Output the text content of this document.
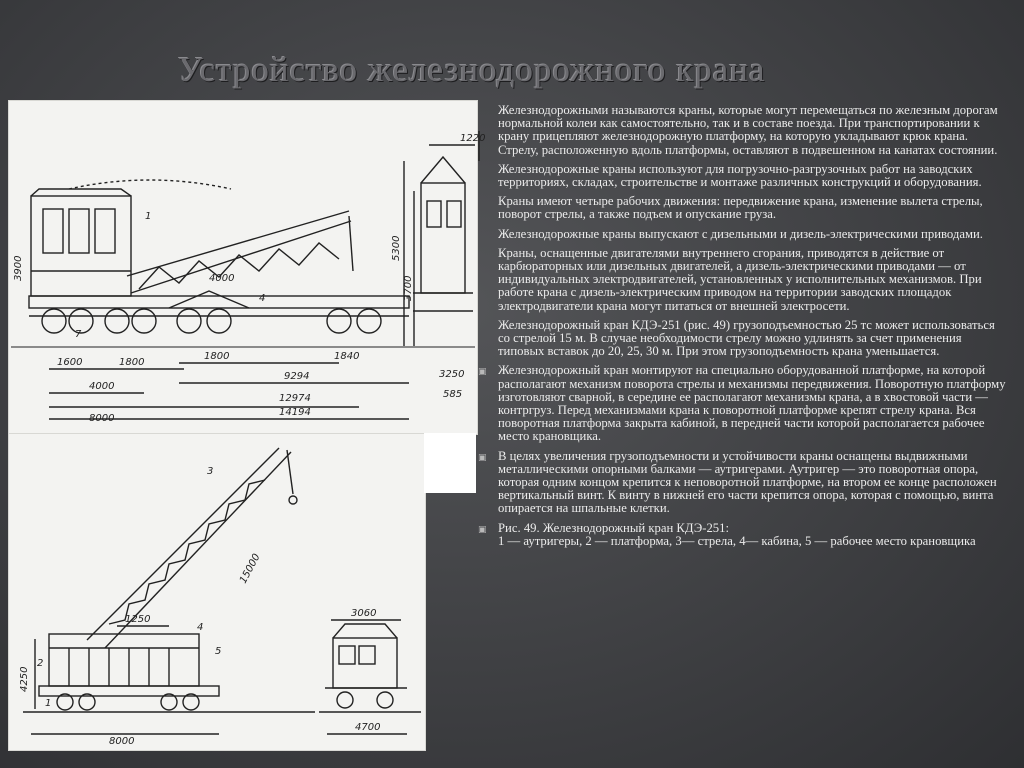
Устройство железнодорожного крана
1220
4000
1600	1800
1800
4000
8000
9294
12974
14194
1840
3250
585
5300
3700
3900
1
4
7
1250
15000
3060
4250
4700
8000
1
2
3
4
5

Железнодорожными называются краны, которые могут перемещаться по железным дорогам нормальной колеи как самостоятельно, так и в составе поезда. При транспортировании к крану прицепляют железнодорожную платформу, на которую укладывают крюк крана. Стрелу, расположенную вдоль платформы, оставляют в подвешенном на канатах состоянии.

Железнодорожные краны используют для погрузочно-разгрузочных работ на заводских территориях, складах, строительстве и монтаже различных конструкций и оборудования.

Краны имеют четыре рабочих движения: передвижение крана, изменение вылета стрелы, поворот стрелы, а также подъем и опускание груза.

Железнодорожные краны выпускают с дизельными и дизель-электрическими приводами.

Краны, оснащенные двигателями внутреннего сгорания, приводятся в действие от карбюраторных или дизельных двигателей, а дизель-электрическими приводами — от индивидуальных электродвигателей, установленных у исполнительных механизмов. При работе крана с дизель-электрическим приводом на территории заводских площадок электродвигатели крана могут питаться от внешней электросети.

Железнодорожный кран КДЭ-251 (рис. 49) грузоподъемностью 25 тс может использоваться со стрелой 15 м. В случае необходимости стрелу можно удлинять за счет применения типовых вставок до 20, 25, 30 м. При этом грузоподъемность крана уменьшается.

▣ Железнодорожный кран монтируют на специально оборудованной платформе, на которой располагают механизм поворота стрелы и механизмы передвижения. Поворотную платформу изготовляют сварной, в середине ее располагают механизмы крана, а в хвостовой части — контргруз. Перед механизмами крана к поворотной платформе крепят стрелу крана. Вся поворотная платформа закрыта кабиной, в передней части которой располагается рабочее место крановщика.
▣ В целях увеличения грузоподъемности и устойчивости краны оснащены выдвижными металлическими опорными балками — аутригерами. Аутригер — это поворотная опора, которая одним концом крепится к неповоротной платформе, на втором ее конце расположен вертикальный винт. К винту в нижней его части крепится опора, которая с помощью, винта опирается на шпальные клетки.
▣ Рис. 49. Железнодорожный кран КДЭ-251:
1 — аутригеры, 2 — платформа, 3— стрела, 4— кабина, 5 — рабочее место крановщика
